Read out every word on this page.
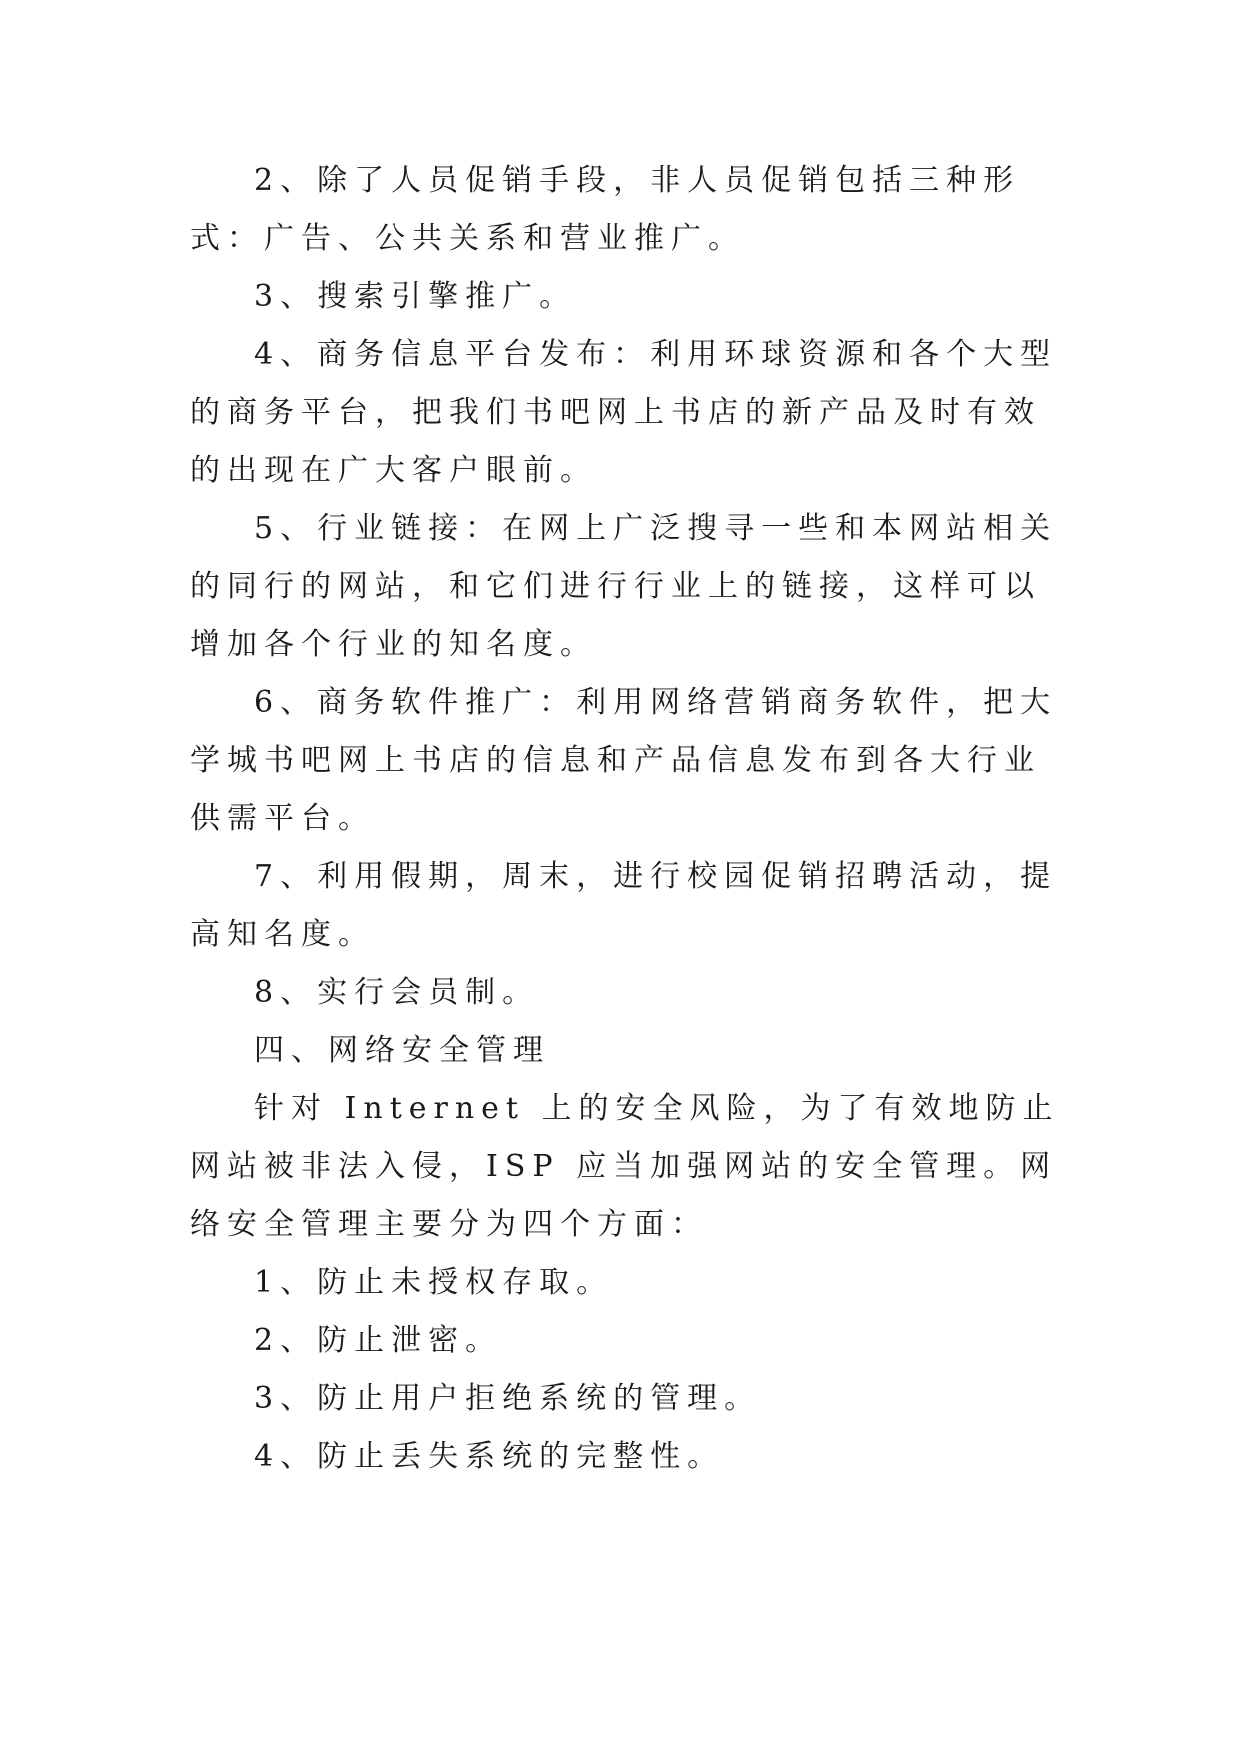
2、除了人员促销手段，非人员促销包括三种形式：广告、公共关系和营业推广。

3、搜索引擎推广。

4、商务信息平台发布：利用环球资源和各个大型的商务平台，把我们书吧网上书店的新产品及时有效的出现在广大客户眼前。

5、行业链接：在网上广泛搜寻一些和本网站相关的同行的网站，和它们进行行业上的链接，这样可以增加各个行业的知名度。

6、商务软件推广：利用网络营销商务软件，把大学城书吧网上书店的信息和产品信息发布到各大行业供需平台。

7、利用假期，周末，进行校园促销招聘活动，提高知名度。

8、实行会员制。

四、网络安全管理

针对 Internet 上的安全风险，为了有效地防止网站被非法入侵，ISP 应当加强网站的安全管理。网络安全管理主要分为四个方面：

1、防止未授权存取。

2、防止泄密。

3、防止用户拒绝系统的管理。

4、防止丢失系统的完整性。
